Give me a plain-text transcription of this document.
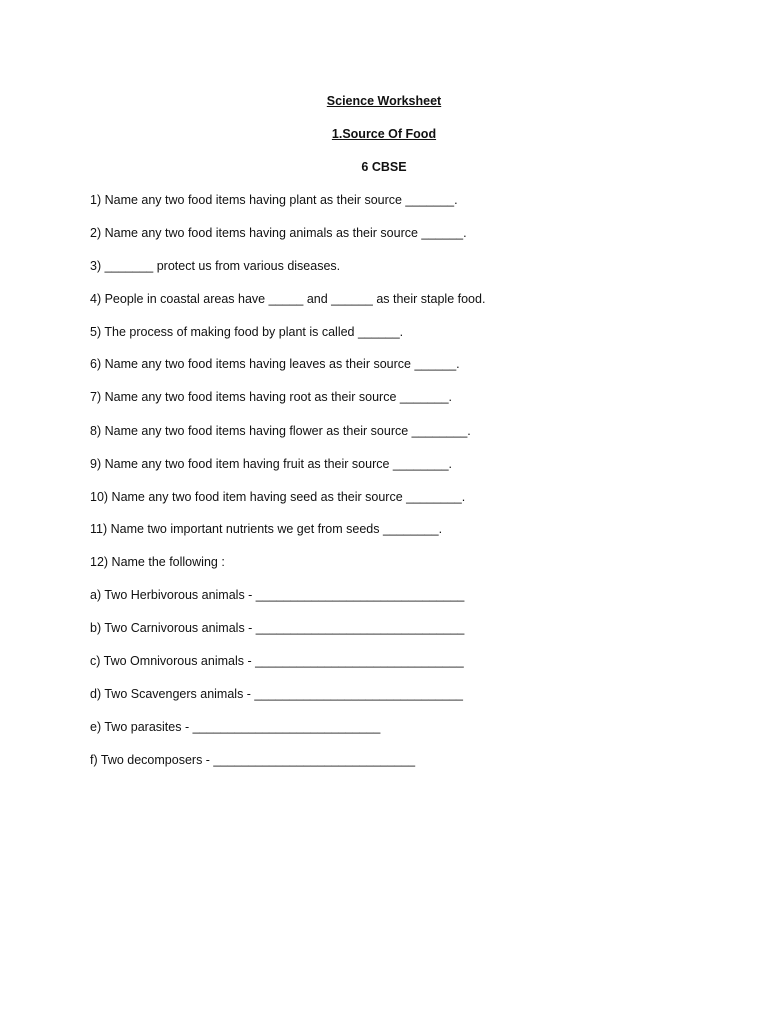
Science Worksheet
1.Source Of Food
6 CBSE
1) Name any two food items having plant as their source _______.
2) Name any two food items having animals as their source ______.
3) _______ protect us from various diseases.
4) People in coastal areas have _____ and ______ as their staple food.
5) The process of making food by plant is called ______.
6) Name any two food items having leaves as their source ______.
7) Name any two food items having root as their source _______.
8) Name any two food items having flower as their source ________.
9) Name any two food item having fruit as their source ________.
10) Name any two food item having seed as their source ________.
11) Name two important nutrients we get from seeds ________.
12) Name the following :
a) Two Herbivorous animals - ______________________________
b) Two Carnivorous animals - ______________________________
c) Two Omnivorous animals - ______________________________
d) Two Scavengers animals - ______________________________
e) Two parasites - ___________________________
f) Two decomposers - _____________________________
